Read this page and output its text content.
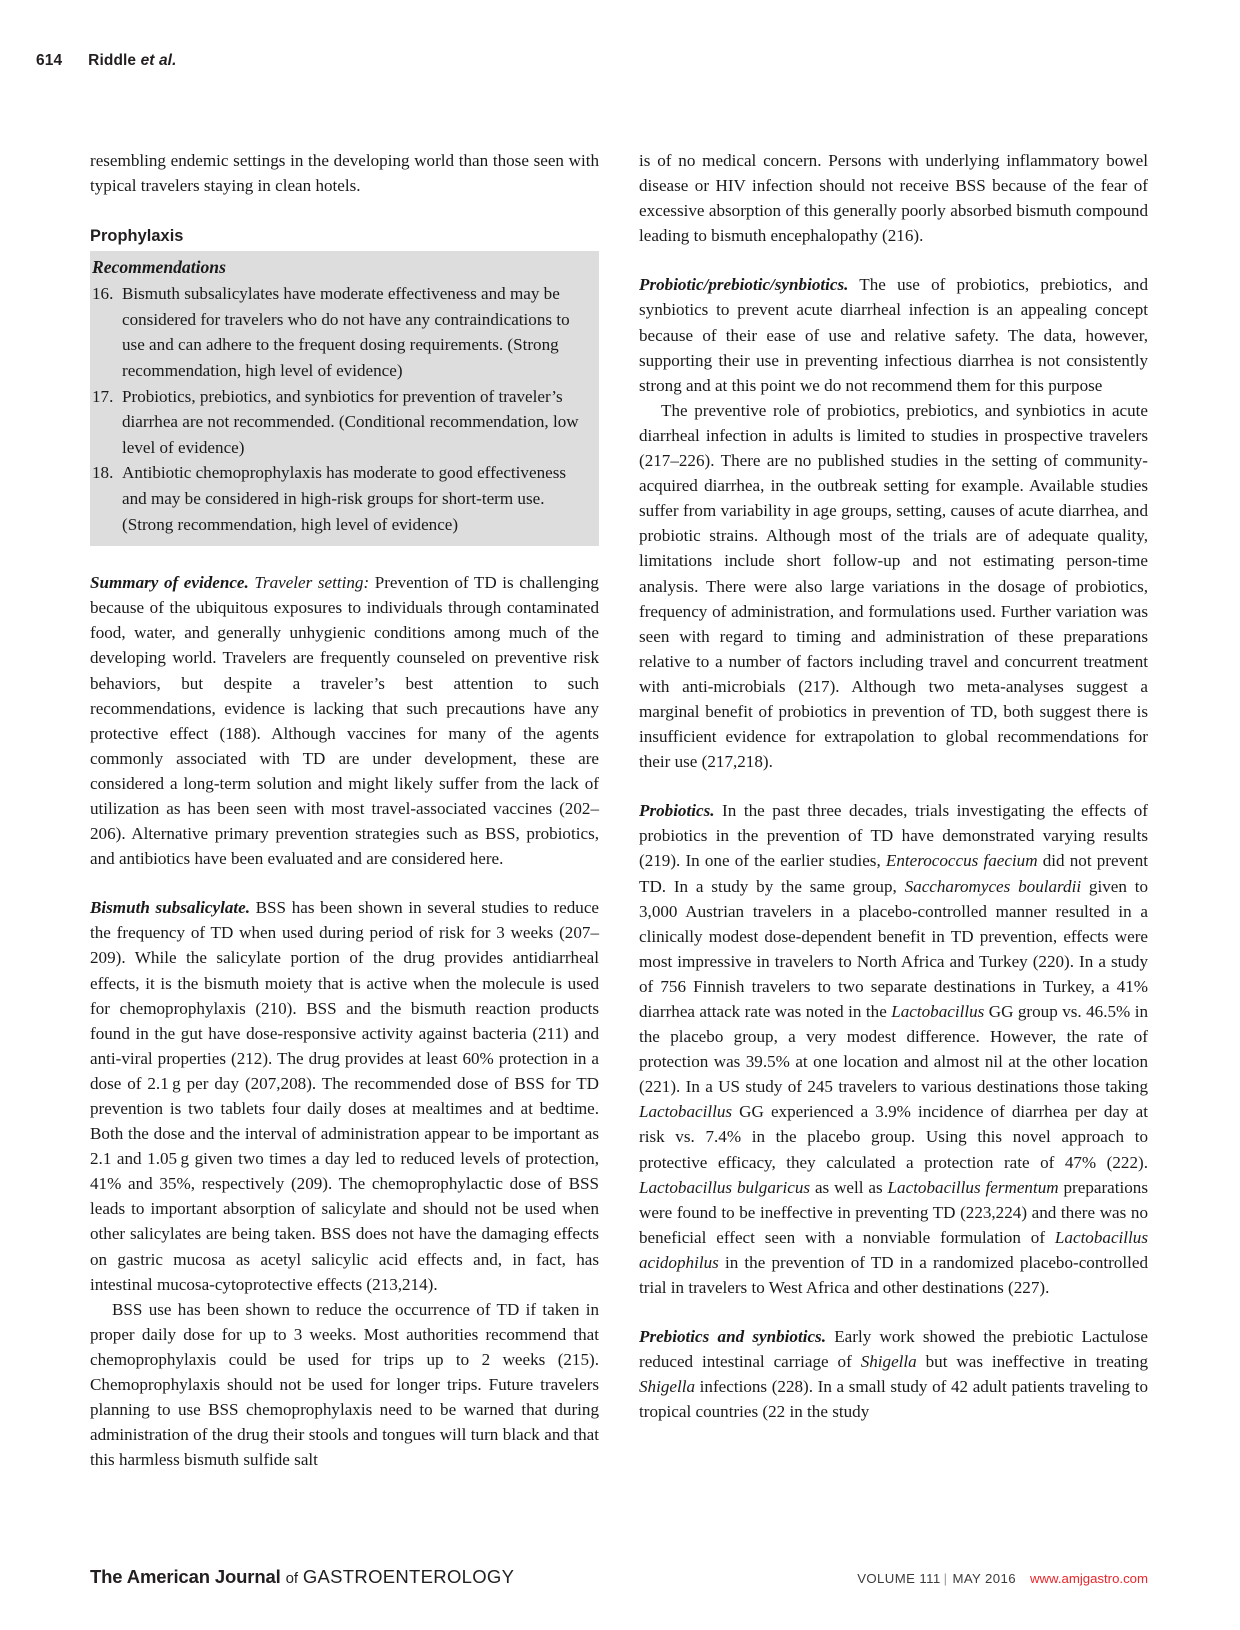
614 Riddle et al.

resembling endemic settings in the developing world than those seen with typical travelers staying in clean hotels.

Prophylaxis
Recommendations
16. Bismuth subsalicylates have moderate effectiveness and may be considered for travelers who do not have any contraindications to use and can adhere to the frequent dosing requirements. (Strong recommendation, high level of evidence)
17. Probiotics, prebiotics, and synbiotics for prevention of traveler’s diarrhea are not recommended. (Conditional recommendation, low level of evidence)
18. Antibiotic chemoprophylaxis has moderate to good effectiveness and may be considered in high-risk groups for short-term use. (Strong recommendation, high level of evidence)

Summary of evidence. Traveler setting: Prevention of TD is challenging because of the ubiquitous exposures to individuals through contaminated food, water, and generally unhygienic conditions among much of the developing world. Travelers are frequently counseled on preventive risk behaviors, but despite a traveler’s best attention to such recommendations, evidence is lacking that such precautions have any protective effect (188). Although vaccines for many of the agents commonly associated with TD are under development, these are considered a long-term solution and might likely suffer from the lack of utilization as has been seen with most travel-associated vaccines (202–206). Alternative primary prevention strategies such as BSS, probiotics, and antibiotics have been evaluated and are considered here.

Bismuth subsalicylate. BSS has been shown in several studies to reduce the frequency of TD when used during period of risk for 3 weeks (207–209). While the salicylate portion of the drug provides antidiarrheal effects, it is the bismuth moiety that is active when the molecule is used for chemoprophylaxis (210). BSS and the bismuth reaction products found in the gut have dose-responsive activity against bacteria (211) and anti-viral properties (212). The drug provides at least 60% protection in a dose of 2.1 g per day (207,208). The recommended dose of BSS for TD prevention is two tablets four daily doses at mealtimes and at bedtime. Both the dose and the interval of administration appear to be important as 2.1 and 1.05 g given two times a day led to reduced levels of protection, 41% and 35%, respectively (209). The chemoprophylactic dose of BSS leads to important absorption of salicylate and should not be used when other salicylates are being taken. BSS does not have the damaging effects on gastric mucosa as acetyl salicylic acid effects and, in fact, has intestinal mucosa-cytoprotective effects (213,214).

BSS use has been shown to reduce the occurrence of TD if taken in proper daily dose for up to 3 weeks. Most authorities recommend that chemoprophylaxis could be used for trips up to 2 weeks (215). Chemoprophylaxis should not be used for longer trips. Future travelers planning to use BSS chemoprophylaxis need to be warned that during administration of the drug their stools and tongues will turn black and that this harmless bismuth sulfide salt

is of no medical concern. Persons with underlying inflammatory bowel disease or HIV infection should not receive BSS because of the fear of excessive absorption of this generally poorly absorbed bismuth compound leading to bismuth encephalopathy (216).

Probiotic/prebiotic/synbiotics. The use of probiotics, prebiotics, and synbiotics to prevent acute diarrheal infection is an appealing concept because of their ease of use and relative safety. The data, however, supporting their use in preventing infectious diarrhea is not consistently strong and at this point we do not recommend them for this purpose

The preventive role of probiotics, prebiotics, and synbiotics in acute diarrheal infection in adults is limited to studies in prospective travelers (217–226). There are no published studies in the setting of community-acquired diarrhea, in the outbreak setting for example. Available studies suffer from variability in age groups, setting, causes of acute diarrhea, and probiotic strains. Although most of the trials are of adequate quality, limitations include short follow-up and not estimating person-time analysis. There were also large variations in the dosage of probiotics, frequency of administration, and formulations used. Further variation was seen with regard to timing and administration of these preparations relative to a number of factors including travel and concurrent treatment with anti-microbials (217). Although two meta-analyses suggest a marginal benefit of probiotics in prevention of TD, both suggest there is insufficient evidence for extrapolation to global recommendations for their use (217,218).

Probiotics. In the past three decades, trials investigating the effects of probiotics in the prevention of TD have demonstrated varying results (219). In one of the earlier studies, Enterococcus faecium did not prevent TD. In a study by the same group, Saccharomyces boulardii given to 3,000 Austrian travelers in a placebo-controlled manner resulted in a clinically modest dose-dependent benefit in TD prevention, effects were most impressive in travelers to North Africa and Turkey (220). In a study of 756 Finnish travelers to two separate destinations in Turkey, a 41% diarrhea attack rate was noted in the Lactobacillus GG group vs. 46.5% in the placebo group, a very modest difference. However, the rate of protection was 39.5% at one location and almost nil at the other location (221). In a US study of 245 travelers to various destinations those taking Lactobacillus GG experienced a 3.9% incidence of diarrhea per day at risk vs. 7.4% in the placebo group. Using this novel approach to protective efficacy, they calculated a protection rate of 47% (222). Lactobacillus bulgaricus as well as Lactobacillus fermentum preparations were found to be ineffective in preventing TD (223,224) and there was no beneficial effect seen with a nonviable formulation of Lactobacillus acidophilus in the prevention of TD in a randomized placebo-controlled trial in travelers to West Africa and other destinations (227).

Prebiotics and synbiotics. Early work showed the prebiotic Lactulose reduced intestinal carriage of Shigella but was ineffective in treating Shigella infections (228). In a small study of 42 adult patients traveling to tropical countries (22 in the study

The American Journal of GASTROENTEROLOGY	VOLUME 111 | MAY 2016 www.amjgastro.com
